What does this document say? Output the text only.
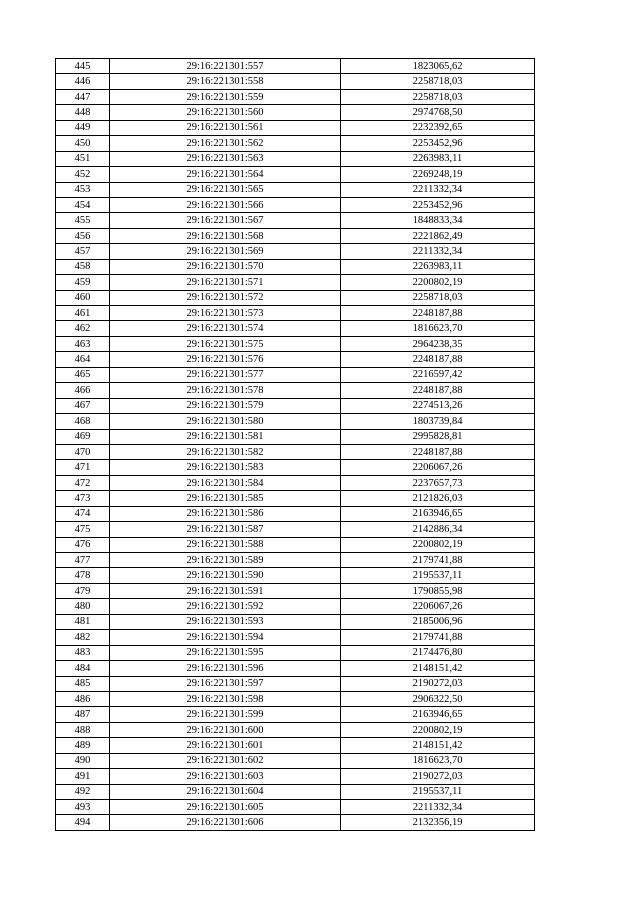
445	29:16:221301:557	1823065,62
446	29:16:221301:558	2258718,03
447	29:16:221301:559	2258718,03
448	29:16:221301:560	2974768,50
449	29:16:221301:561	2232392,65
450	29:16:221301:562	2253452,96
451	29:16:221301:563	2263983,11
452	29:16:221301:564	2269248,19
453	29:16:221301:565	2211332,34
454	29:16:221301:566	2253452,96
455	29:16:221301:567	1848833,34
456	29:16:221301:568	2221862,49
457	29:16:221301:569	2211332,34
458	29:16:221301:570	2263983,11
459	29:16:221301:571	2200802,19
460	29:16:221301:572	2258718,03
461	29:16:221301:573	2248187,88
462	29:16:221301:574	1816623,70
463	29:16:221301:575	2964238,35
464	29:16:221301:576	2248187,88
465	29:16:221301:577	2216597,42
466	29:16:221301:578	2248187,88
467	29:16:221301:579	2274513,26
468	29:16:221301:580	1803739,84
469	29:16:221301:581	2995828,81
470	29:16:221301:582	2248187,88
471	29:16:221301:583	2206067,26
472	29:16:221301:584	2237657,73
473	29:16:221301:585	2121826,03
474	29:16:221301:586	2163946,65
475	29:16:221301:587	2142886,34
476	29:16:221301:588	2200802,19
477	29:16:221301:589	2179741,88
478	29:16:221301:590	2195537,11
479	29:16:221301:591	1790855,98
480	29:16:221301:592	2206067,26
481	29:16:221301:593	2185006,96
482	29:16:221301:594	2179741,88
483	29:16:221301:595	2174476,80
484	29:16:221301:596	2148151,42
485	29:16:221301:597	2190272,03
486	29:16:221301:598	2906322,50
487	29:16:221301:599	2163946,65
488	29:16:221301:600	2200802,19
489	29:16:221301:601	2148151,42
490	29:16:221301:602	1816623,70
491	29:16:221301:603	2190272,03
492	29:16:221301:604	2195537,11
493	29:16:221301:605	2211332,34
494	29:16:221301:606	2132356,19
